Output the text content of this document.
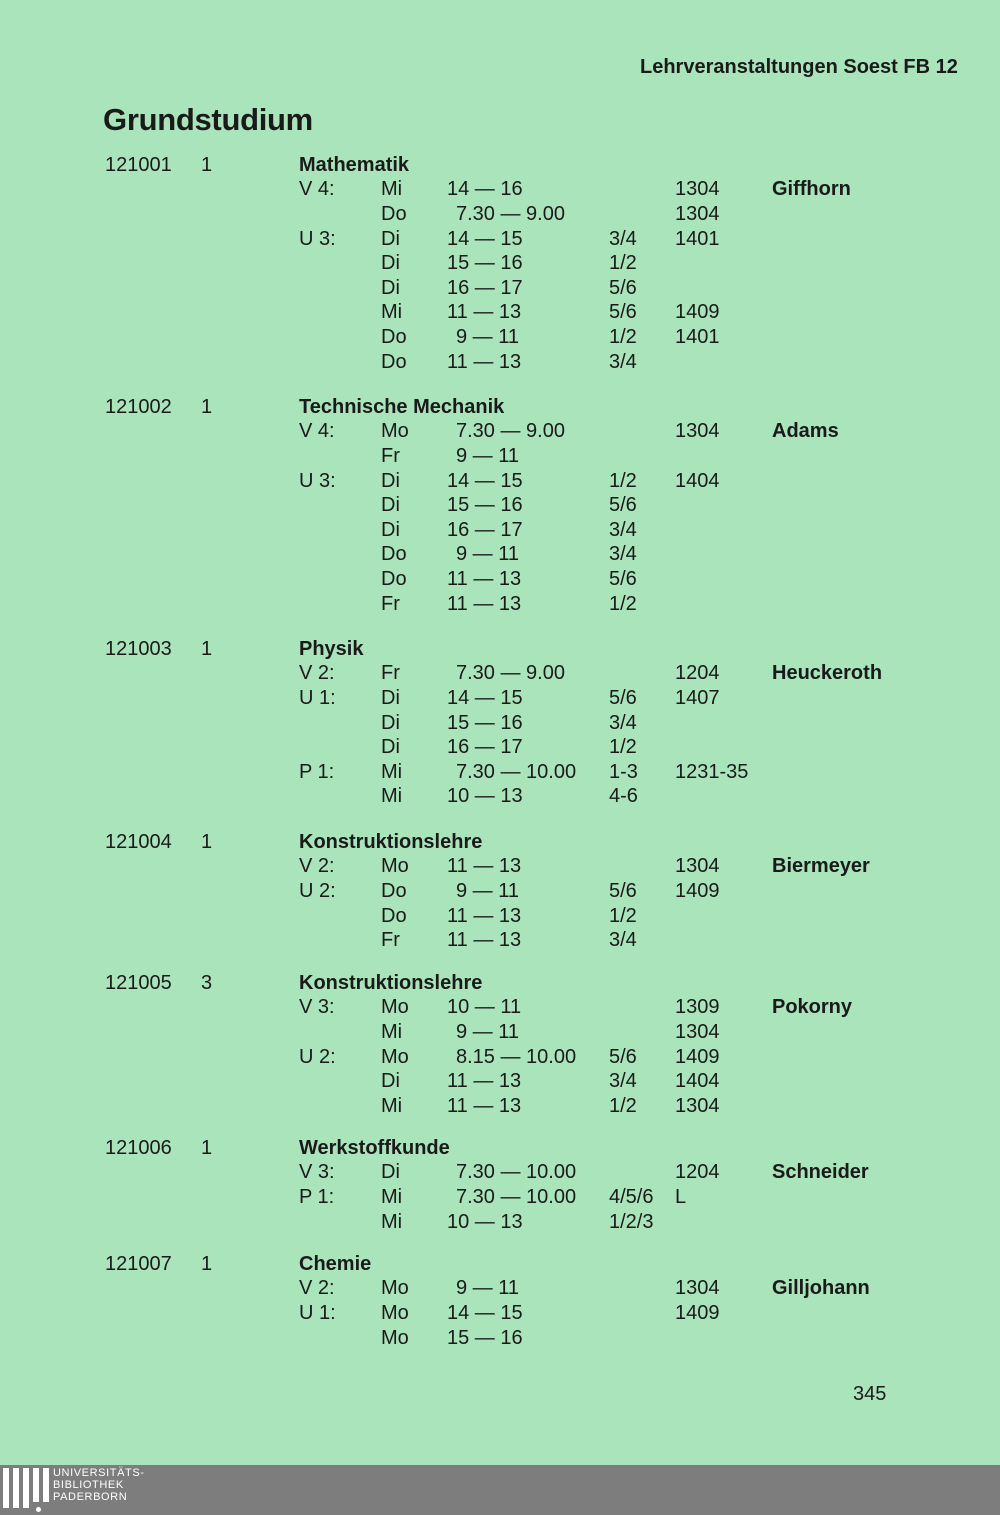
Lehrveranstaltungen Soest FB 12
Grundstudium
121001 1	Mathematik
V 4: Mi 14 — 16	1304	Giffhorn
Do 7.30 — 9.00	1304
U 3: Di 14 — 15	3/4 1401
Di 15 — 16	1/2
Di 16 — 17	5/6
Mi 11 — 13	5/6 1409
Do 9 — 11	1/2 1401
Do 11 — 13	3/4
121002 1	Technische Mechanik
V 4: Mo 7.30 — 9.00	1304	Adams
Fr	9 — 11
U 3: Di 14 — 15	1/2 1404
Di 15 — 16	5/6
Di 16 — 17	3/4
Do 9 — 11	3/4
Do 11 — 13	5/6
Fr 11 — 13	1/2
121003 1	Physik
V 2: Fr	7.30 — 9.00	1204	Heuckeroth
U 1: Di 14 — 15	5/6 1407
Di 15 — 16	3/4
Di 16 — 17	1/2
P 1: Mi	7.30 — 10.00 1-3 1231-35
Mi 10 — 13	4-6
121004 1	Konstruktionslehre
V 2: Mo 11 — 13	1304	Biermeyer
U 2: Do 9 — 11	5/6 1409
Do 11 — 13	1/2
Fr 11 — 13	3/4
121005 3	Konstruktionslehre
V 3: Mo 10 — 11	1309	Pokorny
Mi	9 — 11	1304
U 2: Mo 8.15 — 10.00 5/6 1409
Di 11 — 13	3/4 1404
Mi 11 — 13	1/2 1304
121006 1	Werkstoffkunde
V 3: Di	7.30 — 10.00	1204	Schneider
P 1: Mi	7.30 — 10.00 4/5/6 L
Mi 10 — 13	1/2/3
121007 1	Chemie
V 2: Mo 9 — 11	1304	Gilljohann
U 1: Mo 14 — 15	1409
Mo 15 — 16
345
UNIVERSITÄTS-
BIBLIOTHEK
PADERBORN
